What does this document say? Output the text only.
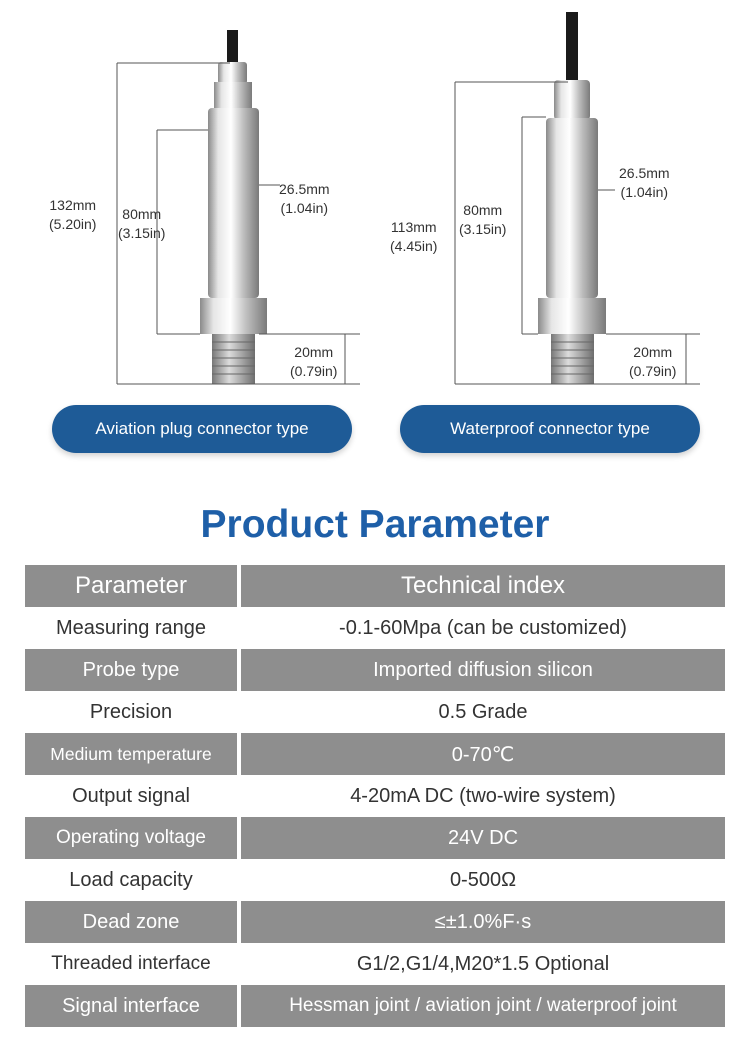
132mm
(5.20in)
80mm
(3.15in)
26.5mm
(1.04in)
20mm
(0.79in)
113mm
(4.45in)
80mm
(3.15in)
26.5mm
(1.04in)
20mm
(0.79in)
Aviation plug connector type	Waterproof connector type
Product Parameter
Parameter	Technical index
Measuring range	-0.1-60Mpa (can be customized)
Probe type	Imported diffusion silicon
Precision	0.5 Grade
Medium temperature	0-70℃
Output signal	4-20mA DC (two-wire system)
Operating voltage	24V DC
Load capacity	0-500Ω
Dead zone	≤±1.0%F·s
Threaded interface	G1/2,G1/4,M20*1.5 Optional
Signal interface	Hessman joint / aviation joint / waterproof joint
